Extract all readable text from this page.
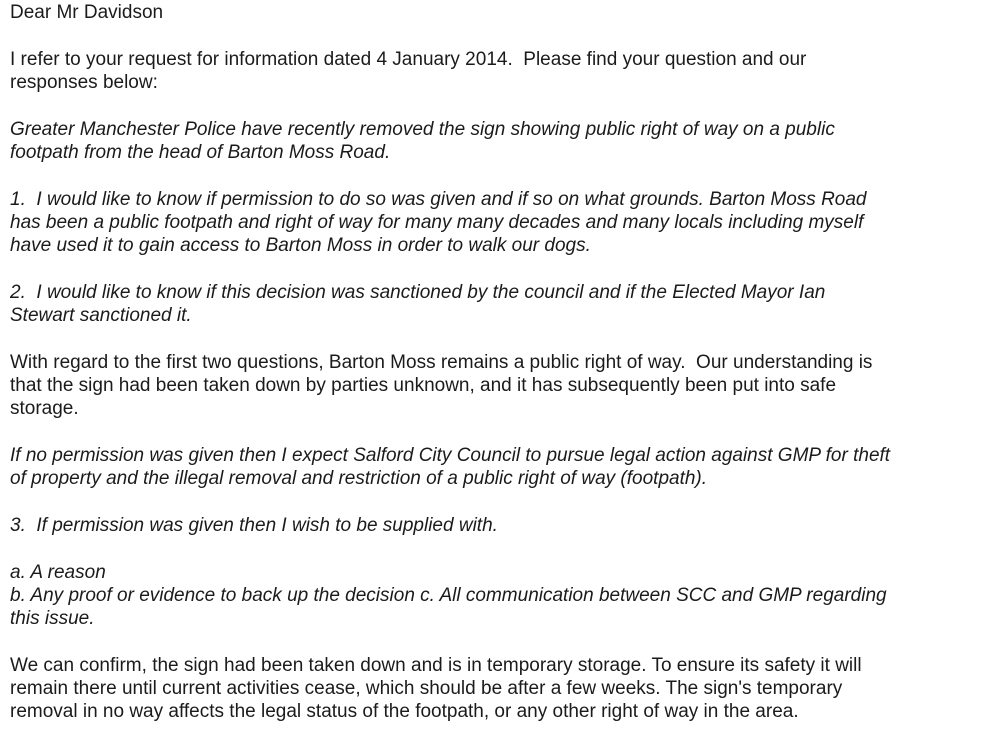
Dear Mr Davidson

I refer to your request for information dated 4 January 2014.  Please find your question and our
responses below:

Greater Manchester Police have recently removed the sign showing public right of way on a public
footpath from the head of Barton Moss Road.

1.  I would like to know if permission to do so was given and if so on what grounds. Barton Moss Road
has been a public footpath and right of way for many many decades and many locals including myself
have used it to gain access to Barton Moss in order to walk our dogs.

2.  I would like to know if this decision was sanctioned by the council and if the Elected Mayor Ian
Stewart sanctioned it.

With regard to the first two questions, Barton Moss remains a public right of way.  Our understanding is
that the sign had been taken down by parties unknown, and it has subsequently been put into safe
storage.

If no permission was given then I expect Salford City Council to pursue legal action against GMP for theft
of property and the illegal removal and restriction of a public right of way (footpath).

3.  If permission was given then I wish to be supplied with.

a. A reason
b. Any proof or evidence to back up the decision c. All communication between SCC and GMP regarding
this issue.

We can confirm, the sign had been taken down and is in temporary storage. To ensure its safety it will
remain there until current activities cease, which should be after a few weeks. The sign's temporary
removal in no way affects the legal status of the footpath, or any other right of way in the area.
